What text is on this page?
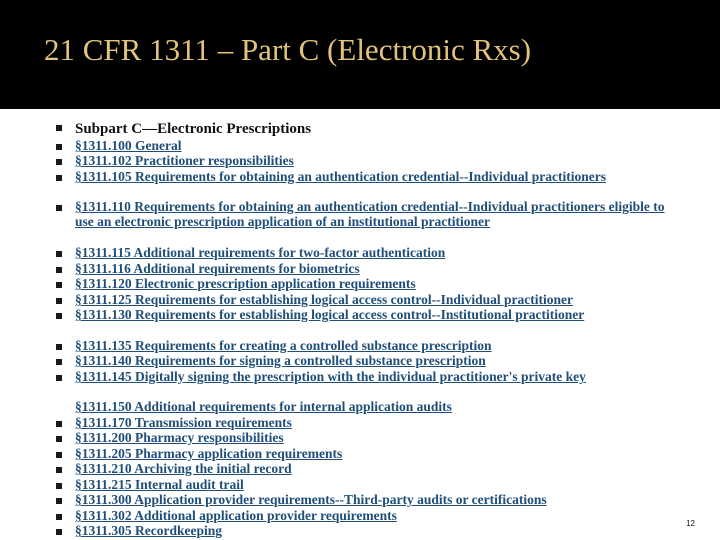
21 CFR 1311 – Part C (Electronic Rxs)
Subpart C—Electronic Prescriptions
§1311.100 General
§1311.102 Practitioner responsibilities
§1311.105 Requirements for obtaining an authentication credential--Individual practitioners
§1311.110 Requirements for obtaining an authentication credential--Individual practitioners eligible to use an electronic prescription application of an institutional practitioner
§1311.115 Additional requirements for two-factor authentication
§1311.116 Additional requirements for biometrics
§1311.120 Electronic prescription application requirements
§1311.125 Requirements for establishing logical access control--Individual practitioner
§1311.130 Requirements for establishing logical access control--Institutional practitioner
§1311.135 Requirements for creating a controlled substance prescription
§1311.140 Requirements for signing a controlled substance prescription
§1311.145 Digitally signing the prescription with the individual practitioner's private key
§1311.150 Additional requirements for internal application audits
§1311.170 Transmission requirements
§1311.200 Pharmacy responsibilities
§1311.205 Pharmacy application requirements
§1311.210 Archiving the initial record
§1311.215 Internal audit trail
§1311.300 Application provider requirements--Third-party audits or certifications
§1311.302 Additional application provider requirements
§1311.305 Recordkeeping	12
